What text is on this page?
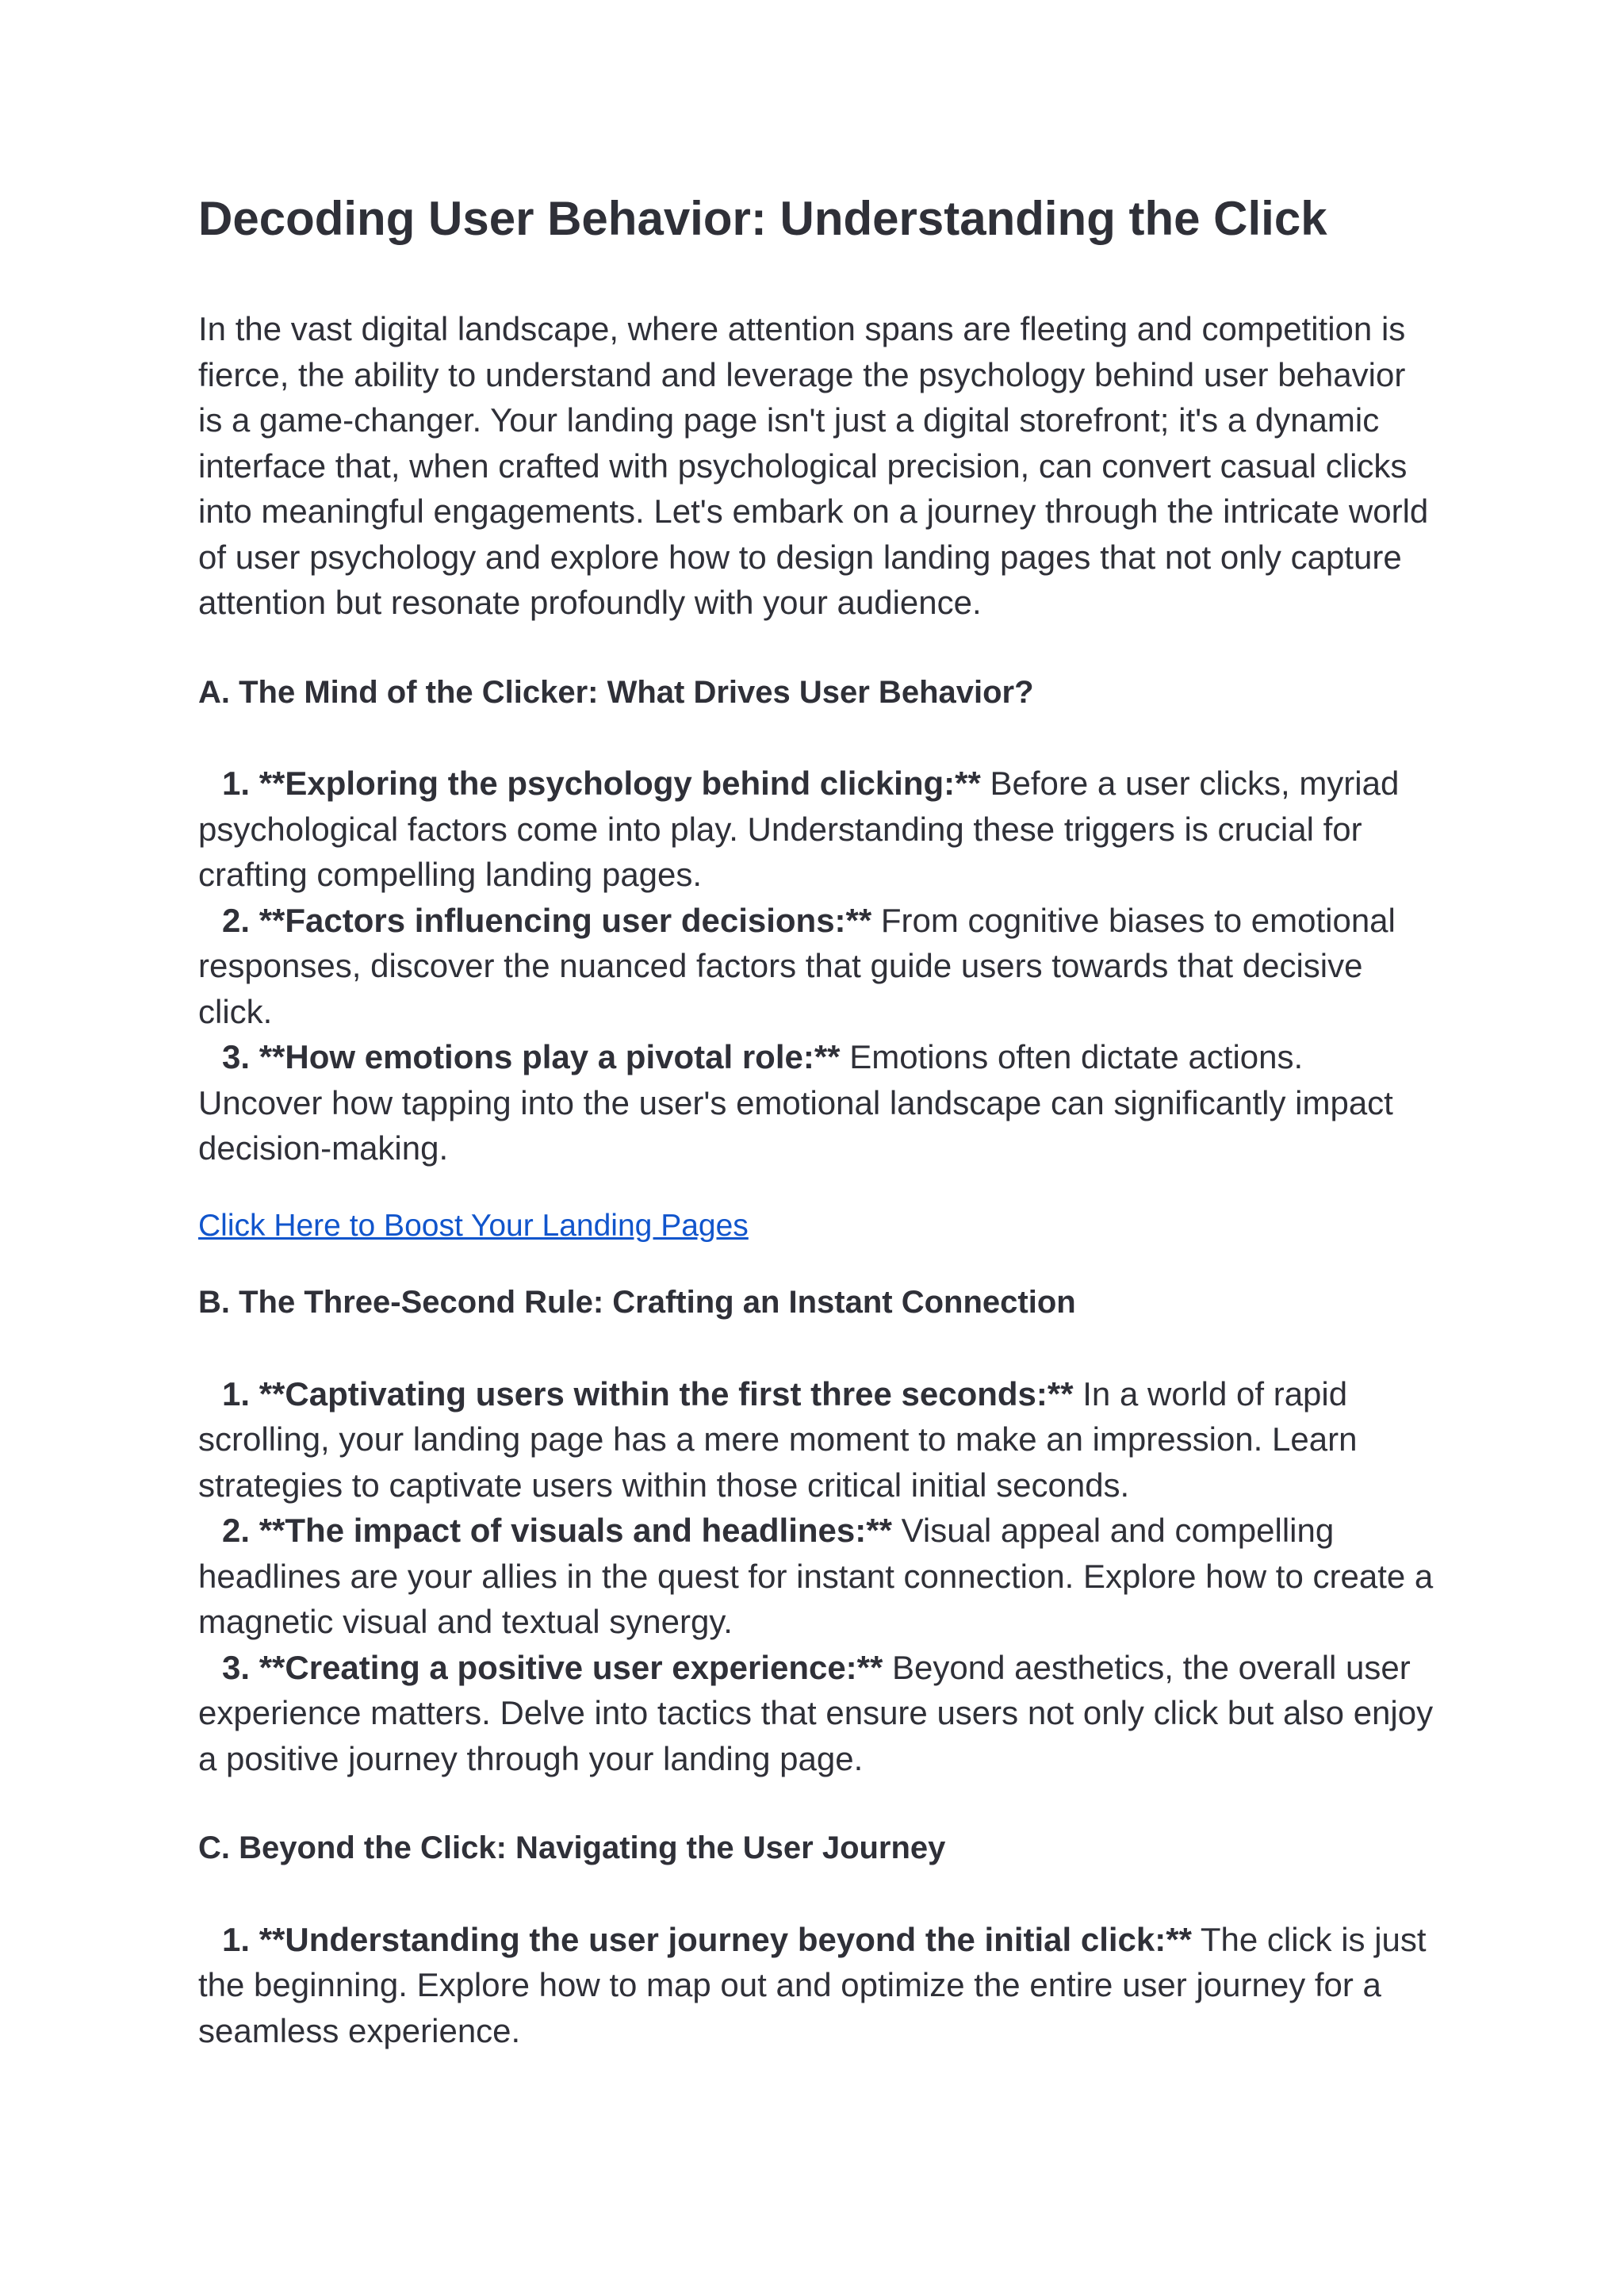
Decoding User Behavior: Understanding the Click

In the vast digital landscape, where attention spans are fleeting and competition is fierce, the ability to understand and leverage the psychology behind user behavior is a game-changer. Your landing page isn't just a digital storefront; it's a dynamic interface that, when crafted with psychological precision, can convert casual clicks into meaningful engagements. Let's embark on a journey through the intricate world of user psychology and explore how to design landing pages that not only capture attention but resonate profoundly with your audience.

A. The Mind of the Clicker: What Drives User Behavior?

1. **Exploring the psychology behind clicking:** Before a user clicks, myriad psychological factors come into play. Understanding these triggers is crucial for crafting compelling landing pages.

2. **Factors influencing user decisions:** From cognitive biases to emotional responses, discover the nuanced factors that guide users towards that decisive click.

3. **How emotions play a pivotal role:** Emotions often dictate actions. Uncover how tapping into the user's emotional landscape can significantly impact decision-making.

Click Here to Boost Your Landing Pages
B. The Three-Second Rule: Crafting an Instant Connection

1. **Captivating users within the first three seconds:** In a world of rapid scrolling, your landing page has a mere moment to make an impression. Learn strategies to captivate users within those critical initial seconds.

2. **The impact of visuals and headlines:** Visual appeal and compelling headlines are your allies in the quest for instant connection. Explore how to create a magnetic visual and textual synergy.

3. **Creating a positive user experience:** Beyond aesthetics, the overall user experience matters. Delve into tactics that ensure users not only click but also enjoy a positive journey through your landing page.

C. Beyond the Click: Navigating the User Journey

1. **Understanding the user journey beyond the initial click:** The click is just the beginning. Explore how to map out and optimize the entire user journey for a seamless experience.
